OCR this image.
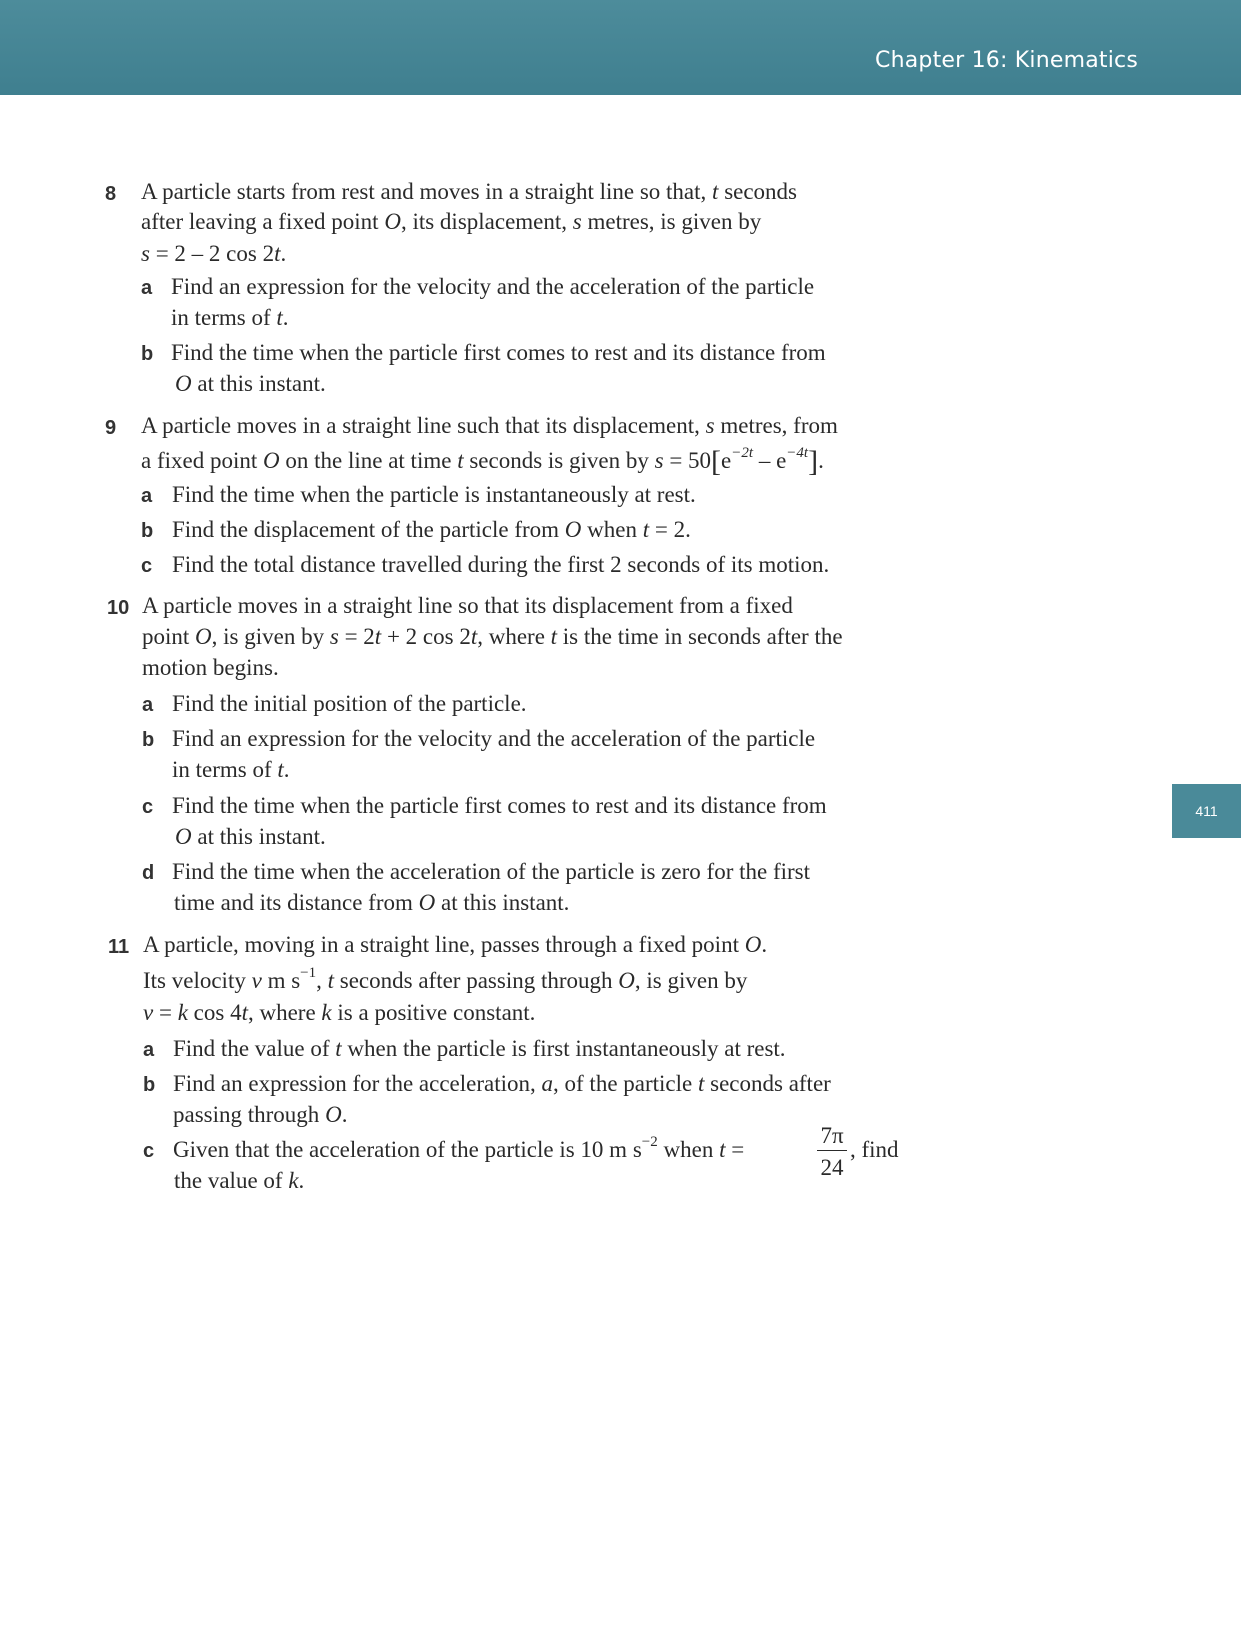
Chapter 16: Kinematics
411
8 A particle starts from rest and moves in a straight line so that, t seconds
after leaving a fixed point O, its displacement, s metres, is given by
s = 2 – 2 cos 2t.
a Find an expression for the velocity and the acceleration of the particle
in terms of t.
b Find the time when the particle first comes to rest and its distance from
O at this instant.
9 A particle moves in a straight line such that its displacement, s metres, from
a fixed point O on the line at time t seconds is given by $s = 50[e^{-2t} - e^{-4t}]$.
a Find the time when the particle is instantaneously at rest.
b Find the displacement of the particle from O when t = 2.
c Find the total distance travelled during the first 2 seconds of its motion.
10 A particle moves in a straight line so that its displacement from a fixed
point O, is given by s = 2t + 2 cos 2t, where t is the time in seconds after the
motion begins.
a Find the initial position of the particle.
b Find an expression for the velocity and the acceleration of the particle
in terms of t.
c Find the time when the particle first comes to rest and its distance from
O at this instant.
d Find the time when the acceleration of the particle is zero for the first
time and its distance from O at this instant.
11 A particle, moving in a straight line, passes through a fixed point O.
Its velocity v m $s^{-1}$, t seconds after passing through O, is given by
v = k cos 4t, where k is a positive constant.
a Find the value of t when the particle is first instantaneously at rest.
b Find an expression for the acceleration, a, of the particle t seconds after
passing through O.
c Given that the acceleration of the particle is 10 m $s^{-2}$ when t =
7π
24
, find
the value of k.
